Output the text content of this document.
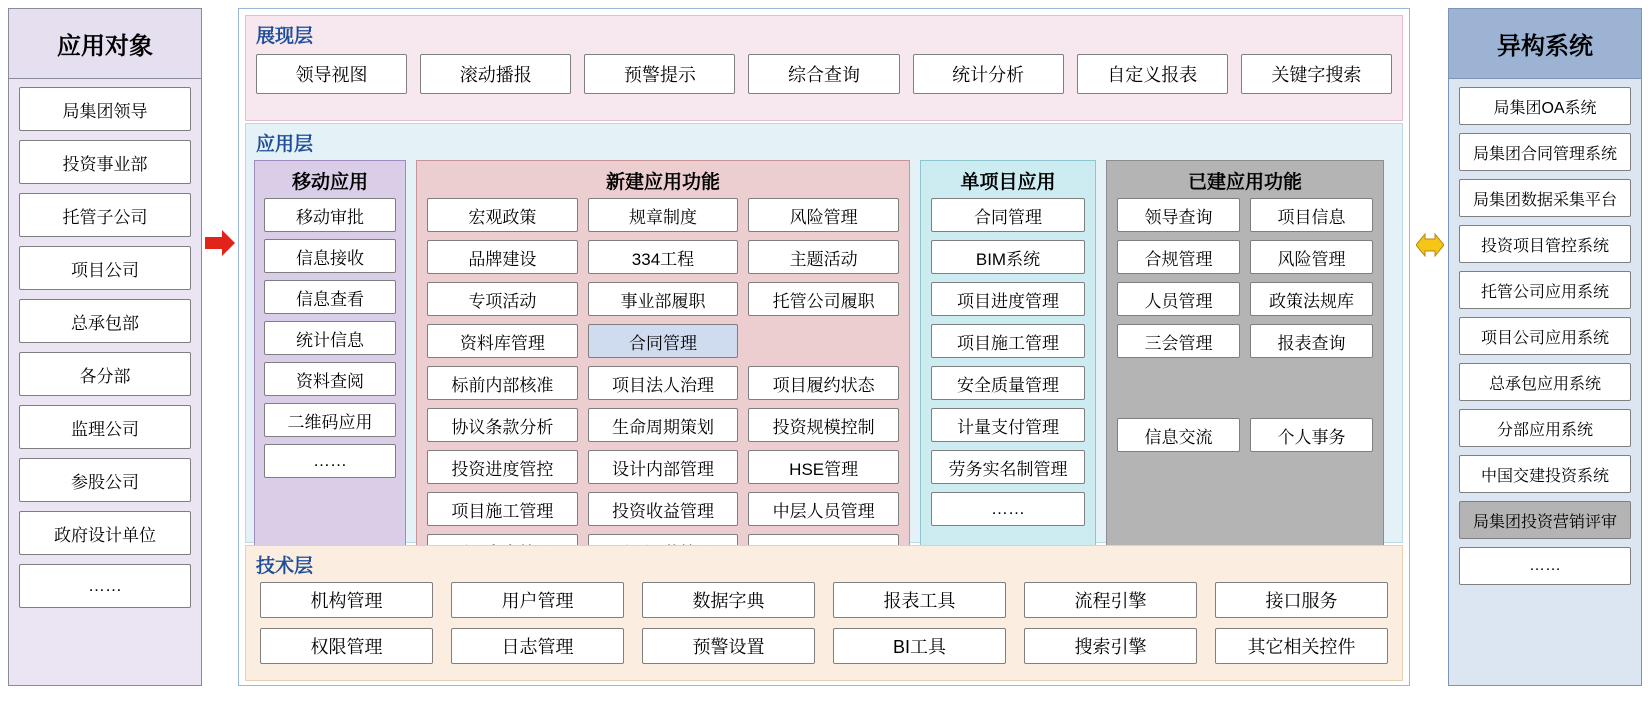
应用对象
局集团领导
投资事业部
托管子公司
项目公司
总承包部
各分部
监理公司
参股公司
政府设计单位
……
展现层
领导视图	滚动播报	预警提示	综合查询	统计分析	自定义报表	关键字搜索
应用层
移动应用
移动审批
信息接收
信息查看
统计信息
资料查阅
二维码应用
……
新建应用功能
宏观政策	规章制度	风险管理
品牌建设	334工程	主题活动
专项活动	事业部履职	托管公司履职
资料库管理	合同管理
标前内部核准	项目法人治理	项目履约状态
协议条款分析	生命周期策划	投资规模控制
投资进度管控	设计内部管理	HSE管理
项目施工管理	投资收益管理	中层人员管理
单项目应用
合同管理
BIM系统
项目进度管理
项目施工管理
安全质量管理
计量支付管理
劳务实名制管理
……
已建应用功能
领导查询	项目信息
合规管理	风险管理
人员管理	政策法规库
三会管理	报表查询
信息交流	个人事务
技术层
机构管理	用户管理	数据字典	报表工具	流程引擎	接口服务
权限管理	日志管理	预警设置	BI工具	搜索引擎	其它相关控件
异构系统
局集团OA系统
局集团合同管理系统
局集团数据采集平台
投资项目管控系统
托管公司应用系统
项目公司应用系统
总承包应用系统
分部应用系统
中国交建投资系统
局集团投资营销评审
……
